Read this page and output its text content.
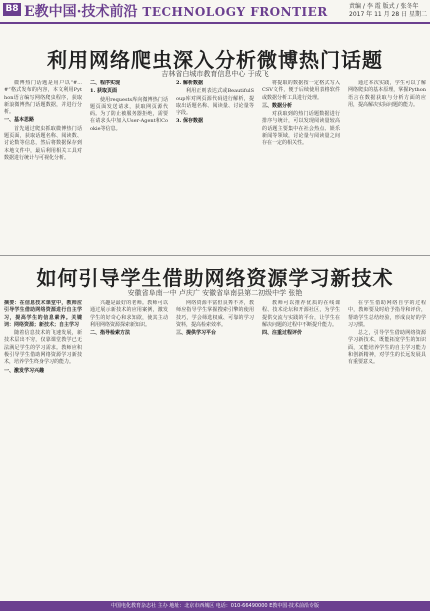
B8 E教中国·技术前沿 TECHNOLOGY FRONTIER	责编 / 李 霞 版式 / 张冬年
2017 年 11 月 28 日 星期二
利用网络爬虫深入分析微博热门话题
吉林省白城市教育信息中心 于成飞

微博热门话题是用户以“#...#”格式发布的内容，本文利用Python语言编写网络爬虫程序，获取新浪微博热门话题数据，并进行分析。

一、基本思路

首先通过爬虫抓取微博热门话题页面，获取话题名称、阅读数、讨论数等信息，然后将数据保存到本地文件中，最后利用相关工具对数据进行统计与可视化分析。

二、程序实现

1. 获取页面

使用requests库向微博热门话题页面发送请求，获取网页源代码。为了防止被服务器拒绝，需要在请求头中加入User-Agent和Cookie等信息。

2. 解析数据

利用正则表达式或BeautifulSoup库对网页源代码进行解析，提取出话题名称、阅读量、讨论量等字段。

3. 保存数据

将提取的数据按一定格式写入CSV文件，便于后续使用表格软件或数据分析工具进行处理。

三、数据分析

对获取到的热门话题数据进行排序与统计，可以发现阅读量较高的话题主要集中在社会热点、娱乐新闻等领域，讨论量与阅读量之间存在一定的相关性。

通过本次实践，学生可以了解网络爬虫的基本原理，掌握Python语言在数据获取与分析方面的应用，提高解决实际问题的能力。

如何引导学生借助网络资源学习新技术
安徽省阜南一中 卢庆广 安徽省阜南县第二初级中学 张艳

摘要：在信息技术课堂中，教师应引导学生借助网络资源进行自主学习，提高学生的信息素养。关键词：网络资源；新技术；自主学习

随着信息技术的飞速发展，新技术层出不穷，仅靠课堂教学已无法满足学生的学习需求。教师应积极引导学生借助网络资源学习新技术，培养学生终身学习的能力。

一、激发学习兴趣

兴趣是最好的老师。教师可以通过展示新技术的应用案例，激发学生的好奇心和求知欲，使其主动利用网络资源探索新知识。

二、指导检索方法

网络资源丰富但良莠不齐，教师应指导学生掌握搜索引擎的使用技巧，学会筛选权威、可靠的学习资料，提高检索效率。

三、提供学习平台

教师可以推荐优质的在线课程、技术论坛和开源社区，为学生提供交流与实践的平台，让学生在解决问题的过程中不断提升能力。

四、注重过程评价

在学生借助网络自学的过程中，教师要及时给予指导和评价，帮助学生总结经验，形成良好的学习习惯。

总之，引导学生借助网络资源学习新技术，既能拓宽学生的知识面，又能培养学生的自主学习能力和创新精神，对学生的长远发展具有重要意义。

中国电化教育杂志社 主办 地址：北京市西城区 电话：010-66490000 E教中国·技术前沿专版
